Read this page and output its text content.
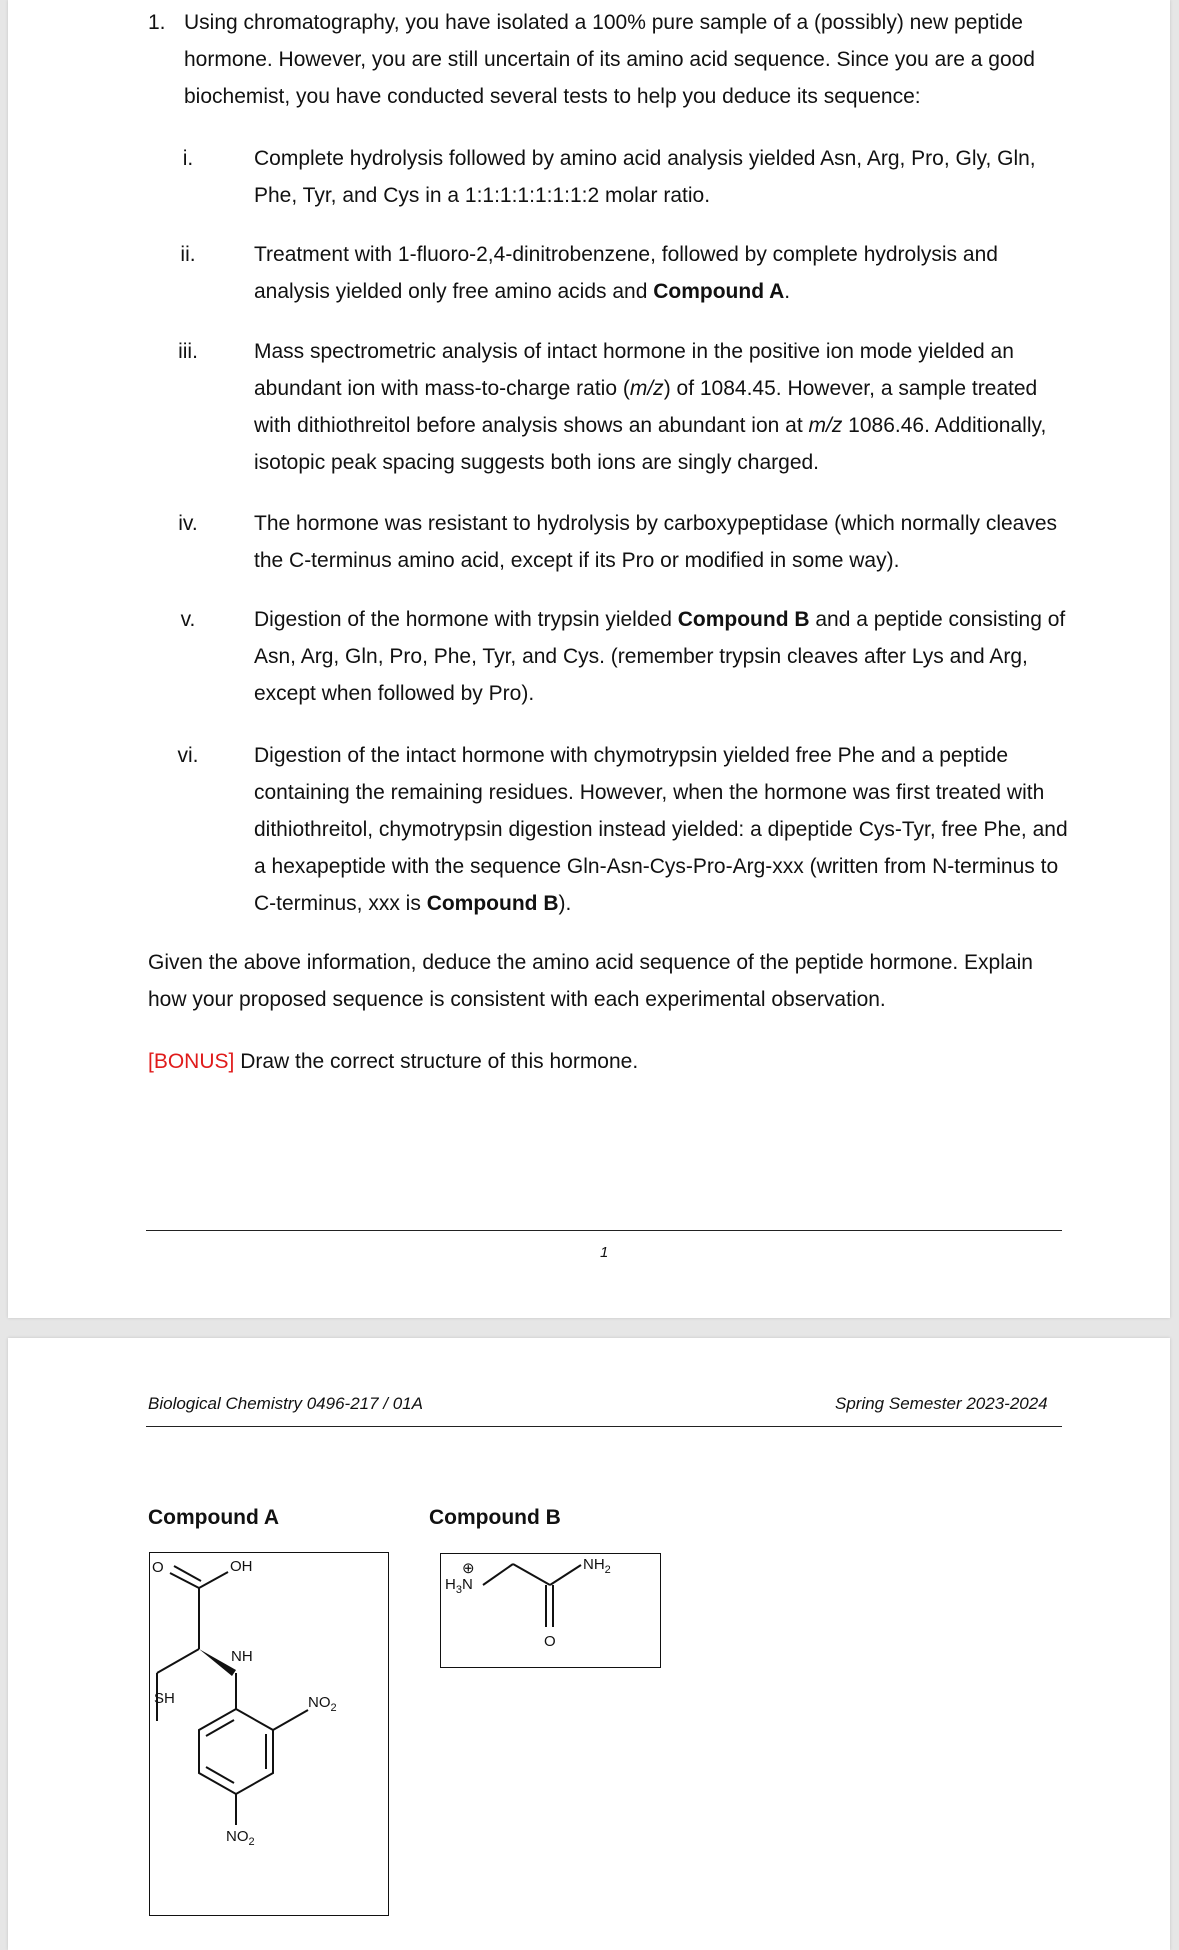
1. Using chromatography, you have isolated a 100% pure sample of a (possibly) new peptide hormone. However, you are still uncertain of its amino acid sequence. Since you are a good biochemist, you have conducted several tests to help you deduce its sequence:
i.	Complete hydrolysis followed by amino acid analysis yielded Asn, Arg, Pro, Gly, Gln, Phe, Tyr, and Cys in a 1:1:1:1:1:1:1:2 molar ratio.
ii.	Treatment with 1-fluoro-2,4-dinitrobenzene, followed by complete hydrolysis and analysis yielded only free amino acids and Compound A.
iii.	Mass spectrometric analysis of intact hormone in the positive ion mode yielded an abundant ion with mass-to-charge ratio (m/z) of 1084.45. However, a sample treated with dithiothreitol before analysis shows an abundant ion at m/z 1086.46. Additionally, isotopic peak spacing suggests both ions are singly charged.
iv.	The hormone was resistant to hydrolysis by carboxypeptidase (which normally cleaves the C-terminus amino acid, except if its Pro or modified in some way).
v.	Digestion of the hormone with trypsin yielded Compound B and a peptide consisting of Asn, Arg, Gln, Pro, Phe, Tyr, and Cys. (remember trypsin cleaves after Lys and Arg, except when followed by Pro).
vi.	Digestion of the intact hormone with chymotrypsin yielded free Phe and a peptide containing the remaining residues. However, when the hormone was first treated with dithiothreitol, chymotrypsin digestion instead yielded: a dipeptide Cys-Tyr, free Phe, and a hexapeptide with the sequence Gln-Asn-Cys-Pro-Arg-xxx (written from N-terminus to C-terminus, xxx is Compound B).
Given the above information, deduce the amino acid sequence of the peptide hormone. Explain how your proposed sequence is consistent with each experimental observation.
[BONUS] Draw the correct structure of this hormone.
1
Biological Chemistry 0496-217 / 01A	Spring Semester 2023-2024
Compound A	Compound B
O	OH
NH
SH	$NO_2$
$NO_2$
⊕
$H_3N$
$NH_2$
O
